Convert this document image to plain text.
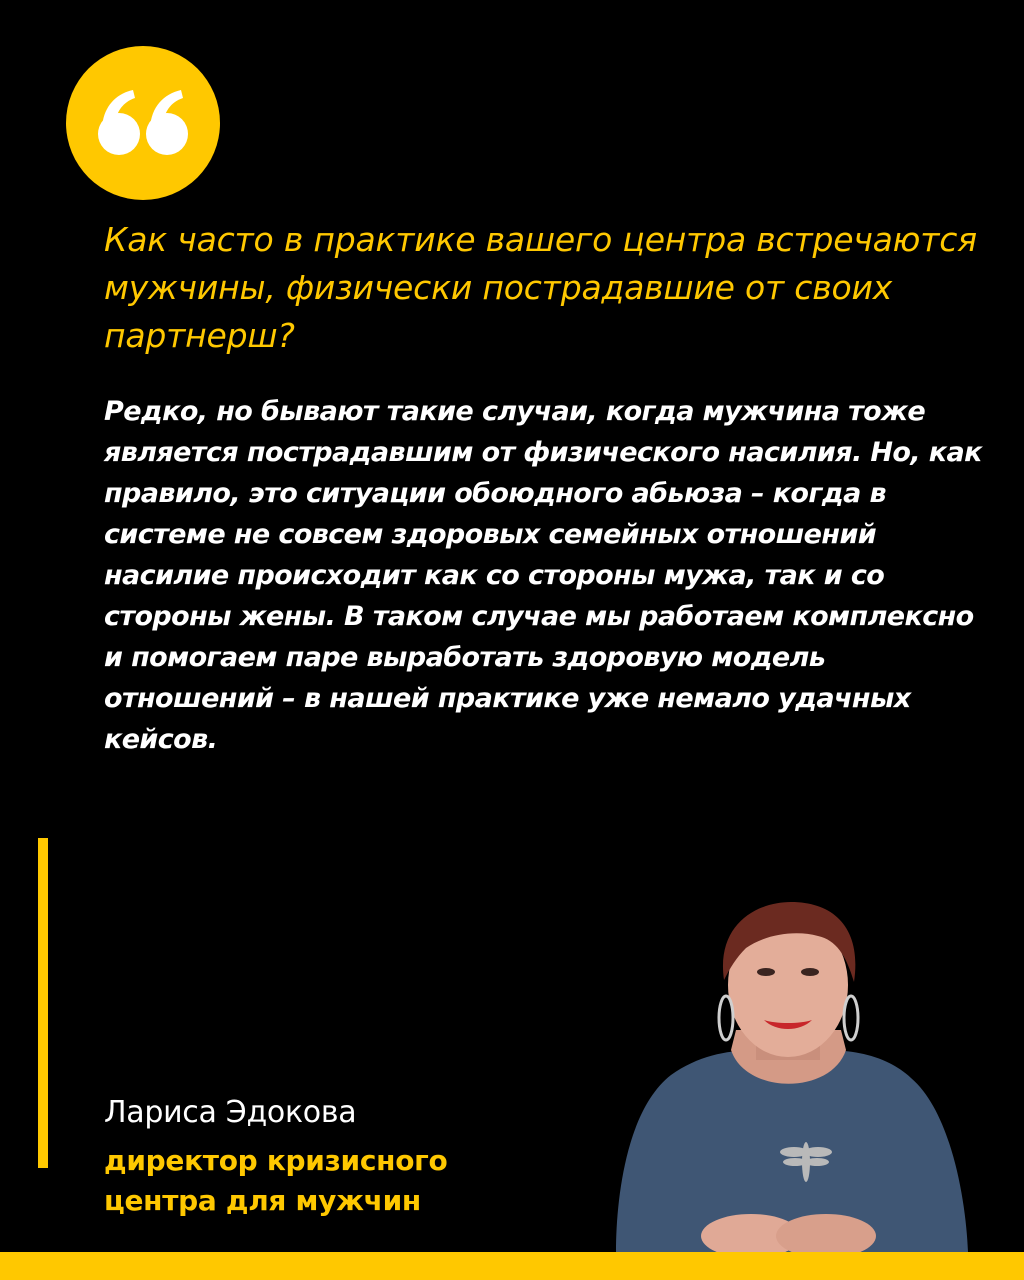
Как часто в практике вашего центра встречаются мужчины, физически пострадавшие от своих партнерш?

Редко, но бывают такие случаи, когда мужчина тоже является пострадавшим от физического насилия. Но, как правило, это ситуации обоюдного абьюза – когда в системе не совсем здоровых семейных отношений насилие происходит как со стороны мужа, так и со стороны жены. В таком случае мы работаем комплексно и помогаем паре выработать здоровую модель отношений – в нашей практике уже немало удачных кейсов.

Лариса Эдокова

директор кризисного центра для мужчин
